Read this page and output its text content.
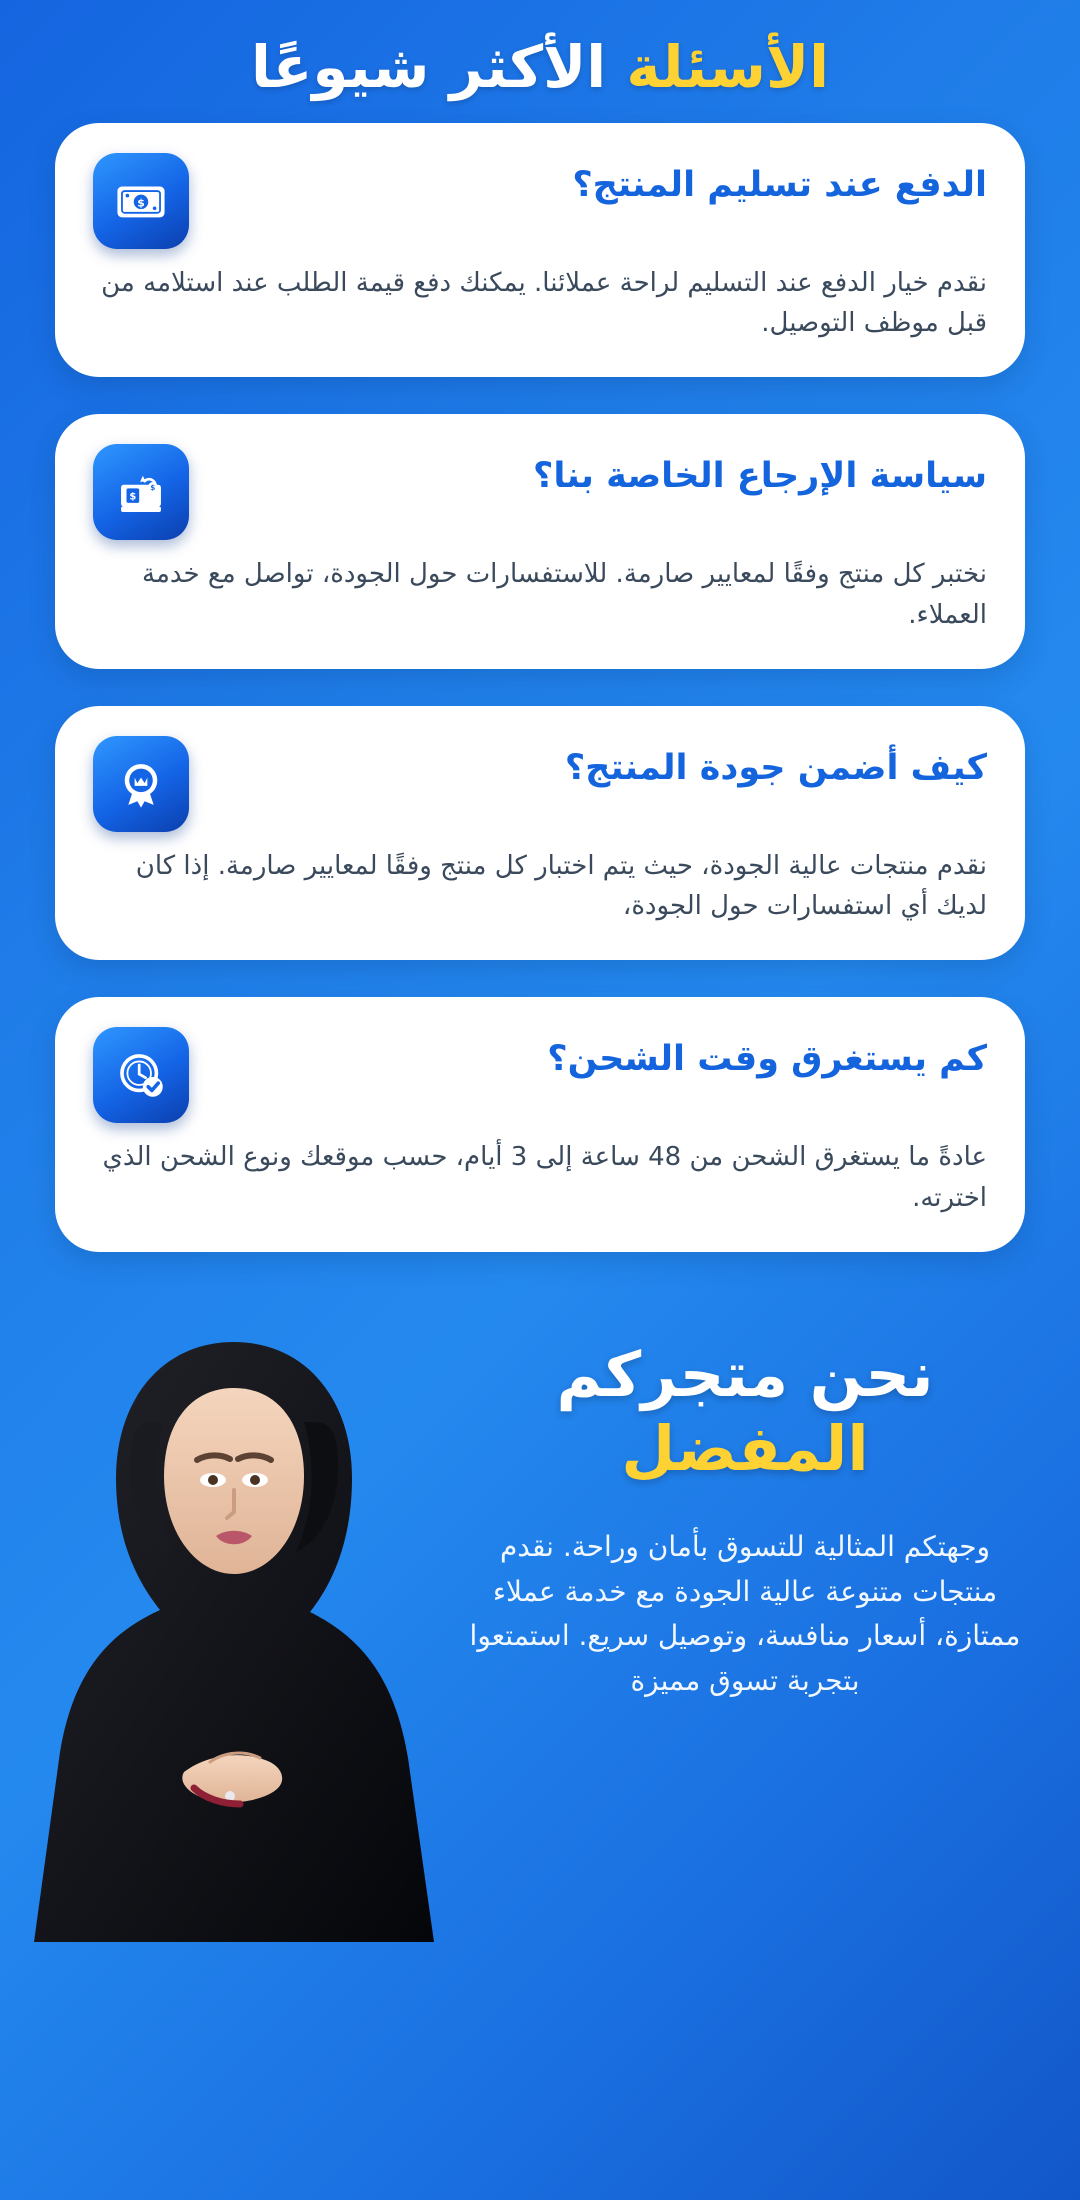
الأسئلة الأكثر شيوعًا
الدفع عند تسليم المنتج؟
$
نقدم خيار الدفع عند التسليم لراحة عملائنا. يمكنك دفع قيمة الطلب عند استلامه من قبل موظف التوصيل.
سياسة الإرجاع الخاصة بنا؟
$
$
نختبر كل منتج وفقًا لمعايير صارمة. للاستفسارات حول الجودة، تواصل مع خدمة العملاء.
كيف أضمن جودة المنتج؟
نقدم منتجات عالية الجودة، حيث يتم اختبار كل منتج وفقًا لمعايير صارمة. إذا كان لديك أي استفسارات حول الجودة،
كم يستغرق وقت الشحن؟
عادةً ما يستغرق الشحن من 48 ساعة إلى 3 أيام، حسب موقعك ونوع الشحن الذي اخترته.
نحن متجركم
المفضل
وجهتكم المثالية للتسوق بأمان وراحة. نقدم منتجات متنوعة عالية الجودة مع خدمة عملاء ممتازة، أسعار منافسة، وتوصيل سريع. استمتعوا بتجربة تسوق مميزة
